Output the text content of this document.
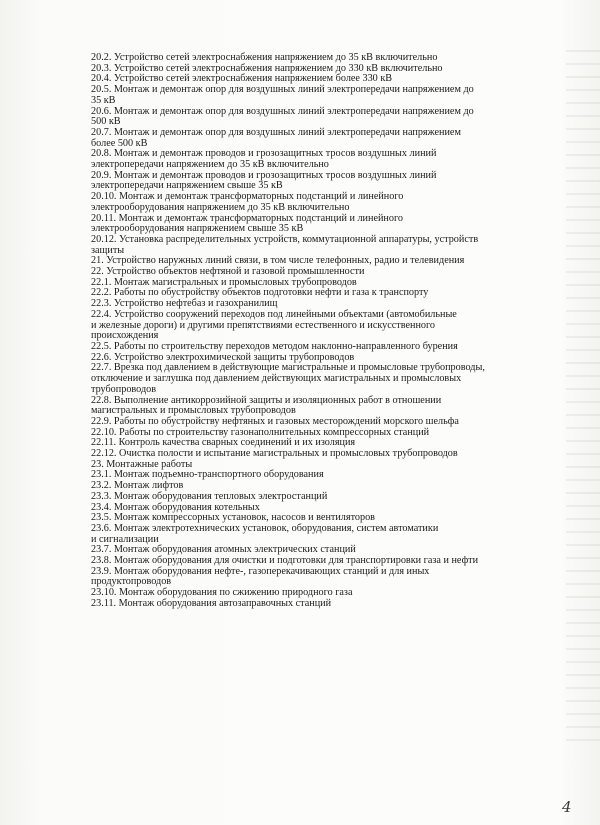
20.2. Устройство сетей электроснабжения напряжением до 35 кВ включительно

20.3. Устройство сетей электроснабжения напряжением до 330 кВ включительно

20.4. Устройство сетей электроснабжения напряжением более 330 кВ

20.5. Монтаж и демонтаж опор для воздушных линий электропередачи напряжением до

35 кВ

20.6. Монтаж и демонтаж опор для воздушных линий электропередачи напряжением до

500 кВ

20.7. Монтаж и демонтаж опор для воздушных линий электропередачи напряжением

более 500 кВ

20.8. Монтаж и демонтаж проводов и грозозащитных тросов воздушных линий

электропередачи напряжением до 35 кВ включительно

20.9. Монтаж и демонтаж проводов и грозозащитных тросов воздушных линий

электропередачи напряжением свыше 35 кВ

20.10. Монтаж и демонтаж трансформаторных подстанций и линейного

электрооборудования напряжением до 35 кВ включительно

20.11. Монтаж и демонтаж трансформаторных подстанций и линейного

электрооборудования напряжением свыше 35 кВ

20.12. Установка распределительных устройств, коммутационной аппаратуры, устройств

защиты

21. Устройство наружных линий связи, в том числе телефонных, радио и телевидения

22. Устройство объектов нефтяной и газовой промышленности

22.1. Монтаж магистральных и промысловых трубопроводов

22.2. Работы по обустройству объектов подготовки нефти и газа к транспорту

22.3. Устройство нефтебаз и газохранилищ

22.4. Устройство сооружений переходов под линейными объектами (автомобильные

и железные дороги) и другими препятствиями естественного и искусственного

происхождения

22.5. Работы по строительству переходов методом наклонно-направленного бурения

22.6. Устройство электрохимической защиты трубопроводов

22.7. Врезка под давлением в действующие магистральные и промысловые трубопроводы,

отключение и заглушка под давлением действующих магистральных и промысловых

трубопроводов

22.8. Выполнение антикоррозийной защиты и изоляционных работ в отношении

магистральных и промысловых трубопроводов

22.9. Работы по обустройству нефтяных и газовых месторождений морского шельфа

22.10. Работы по строительству газонаполнительных компрессорных станций

22.11. Контроль качества сварных соединений и их изоляция

22.12. Очистка полости и испытание магистральных и промысловых трубопроводов

23. Монтажные работы

23.1. Монтаж подъемно-транспортного оборудования

23.2. Монтаж лифтов

23.3. Монтаж оборудования тепловых электростанций

23.4. Монтаж оборудования котельных

23.5. Монтаж компрессорных установок, насосов и вентиляторов

23.6. Монтаж электротехнических установок, оборудования, систем автоматики

и сигнализации

23.7. Монтаж оборудования атомных электрических станций

23.8. Монтаж оборудования для очистки и подготовки для транспортировки газа и нефти

23.9. Монтаж оборудования нефте-, газоперекачивающих станций и для иных

продуктопроводов

23.10. Монтаж оборудования по сжижению природного газа

23.11. Монтаж оборудования автозаправочных станций

4
